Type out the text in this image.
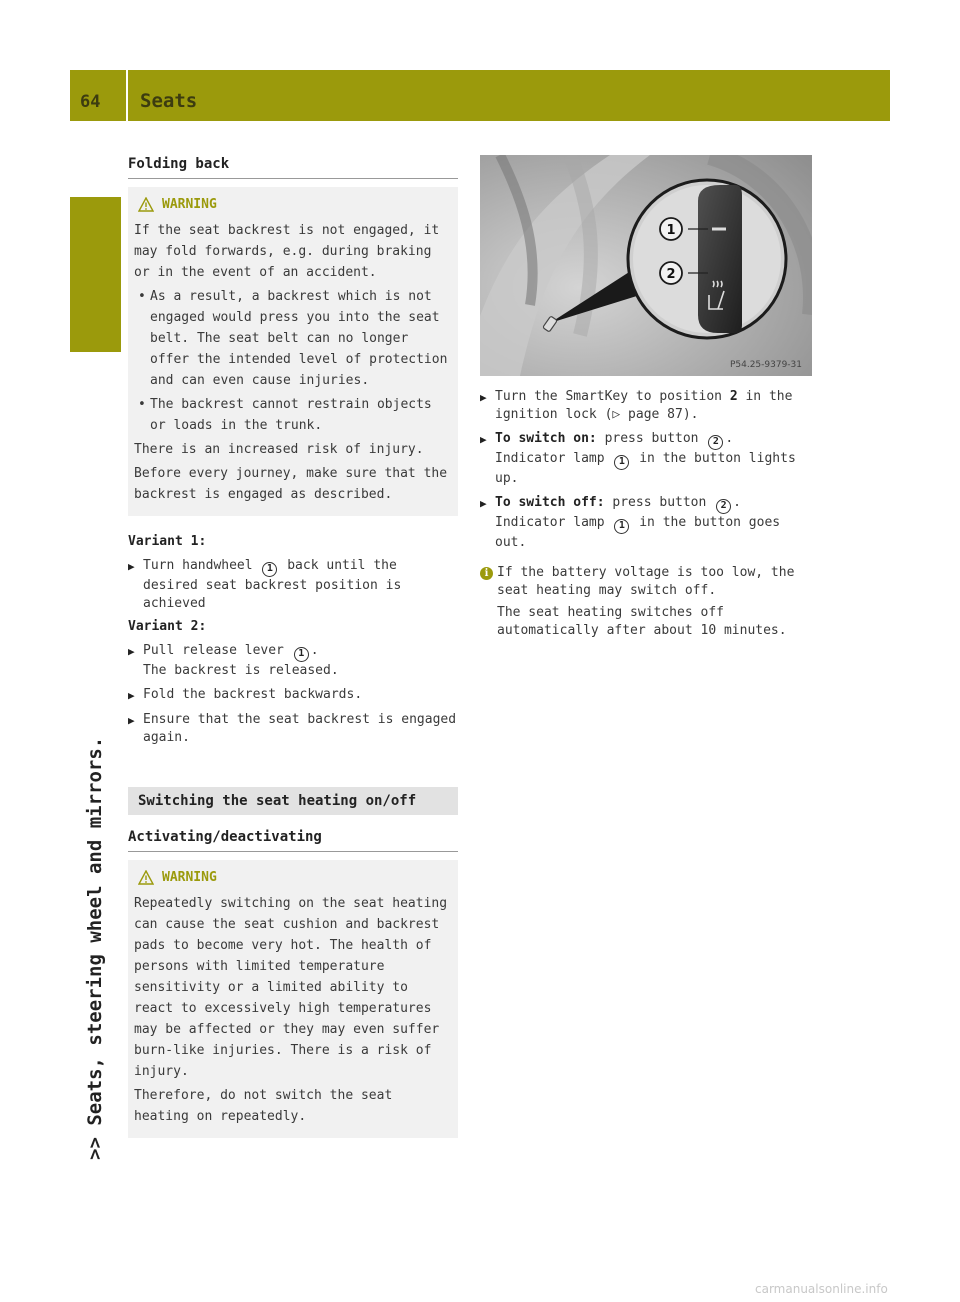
64 Seats
>> Seats, steering wheel and mirrors.
Folding back
WARNING

If the seat backrest is not engaged, it may fold forwards, e.g. during braking or in the event of an accident.

• As a result, a backrest which is not engaged would press you into the seat belt. The seat belt can no longer offer the intended level of protection and can even cause injuries.
• The backrest cannot restrain objects or loads in the trunk.

There is an increased risk of injury.

Before every journey, make sure that the backrest is engaged as described.

Variant 1:
▶ Turn handwheel 1 back until the desired seat backrest position is achieved
Variant 2:
▶ Pull release lever 1 .
The backrest is released.
▶ Fold the backrest backwards.
▶ Ensure that the seat backrest is engaged again.
Switching the seat heating on/off
Activating/deactivating
WARNING

Repeatedly switching on the seat heating can cause the seat cushion and backrest pads to become very hot. The health of persons with limited temperature sensitivity or a limited ability to react to excessively high temperatures may be affected or they may even suffer burn-like injuries. There is a risk of injury.

Therefore, do not switch the seat heating on repeatedly.

1
2
P54.25-9379-31
▶ Turn the SmartKey to position 2 in the ignition lock (▷ page 87).
▶ To switch on: press button 2 .
Indicator lamp 1 in the button lights up.
▶ To switch off: press button 2 .
Indicator lamp 1 in the button goes out.
i If the battery voltage is too low, the seat heating may switch off.

The seat heating switches off automatically after about 10 minutes.

carmanualsonline.info
